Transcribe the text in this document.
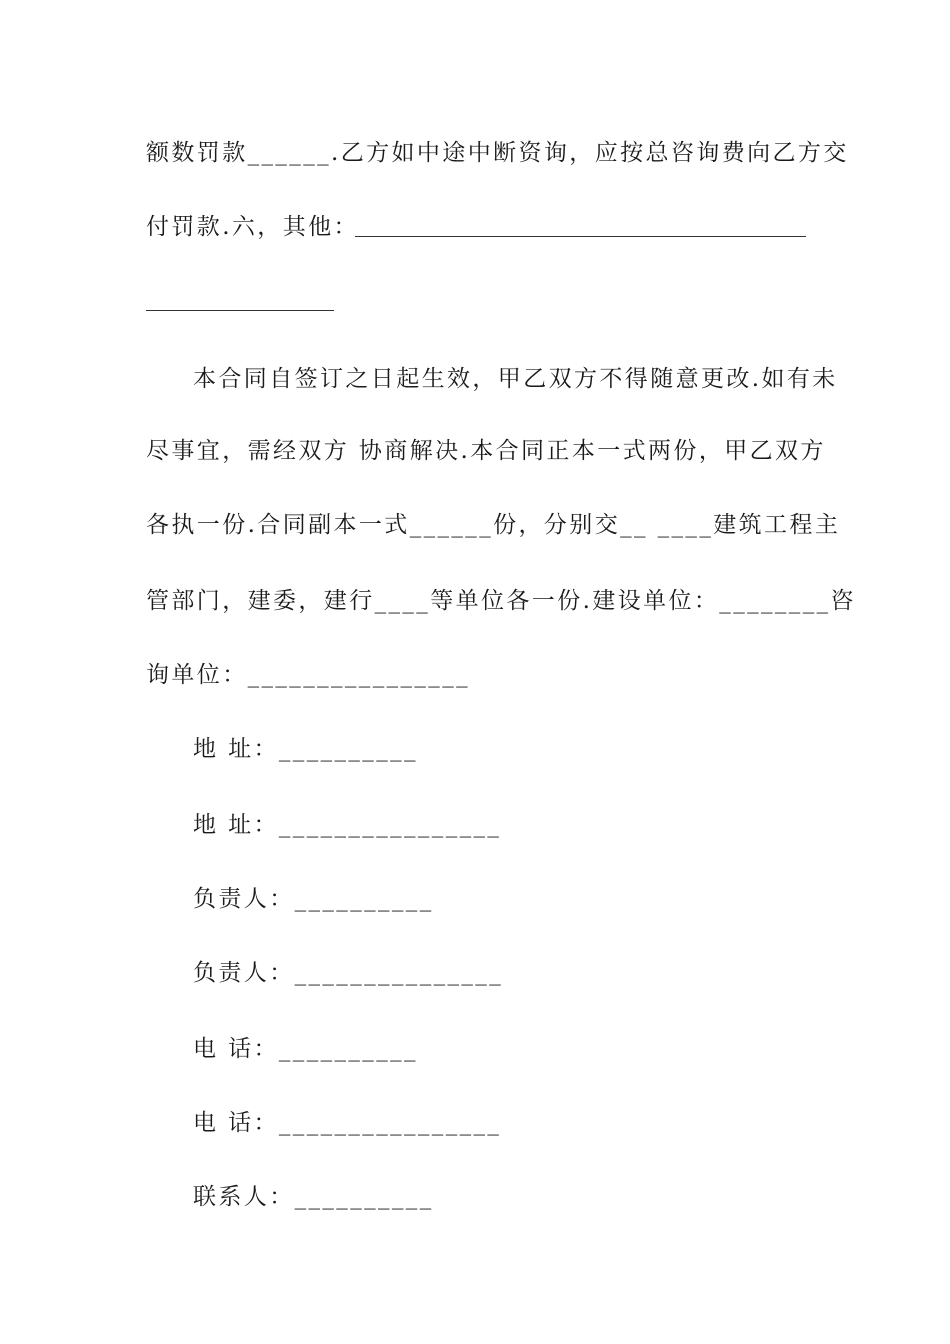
额数罚款______.乙方如中途中断资询，应按总咨询费向乙方交
付罚款.六，其他：
本合同自签订之日起生效，甲乙双方不得随意更改.如有未
尽事宜，需经双方 协商解决.本合同正本一式两份，甲乙双方
各执一份.合同副本一式______份，分别交__ ____建筑工程主
管部门，建委，建行____等单位各一份.建设单位：________咨
询单位：________________
地 址：__________
地 址：________________
负责人：__________
负责人：_______________
电 话：__________
电 话：________________
联系人：__________
